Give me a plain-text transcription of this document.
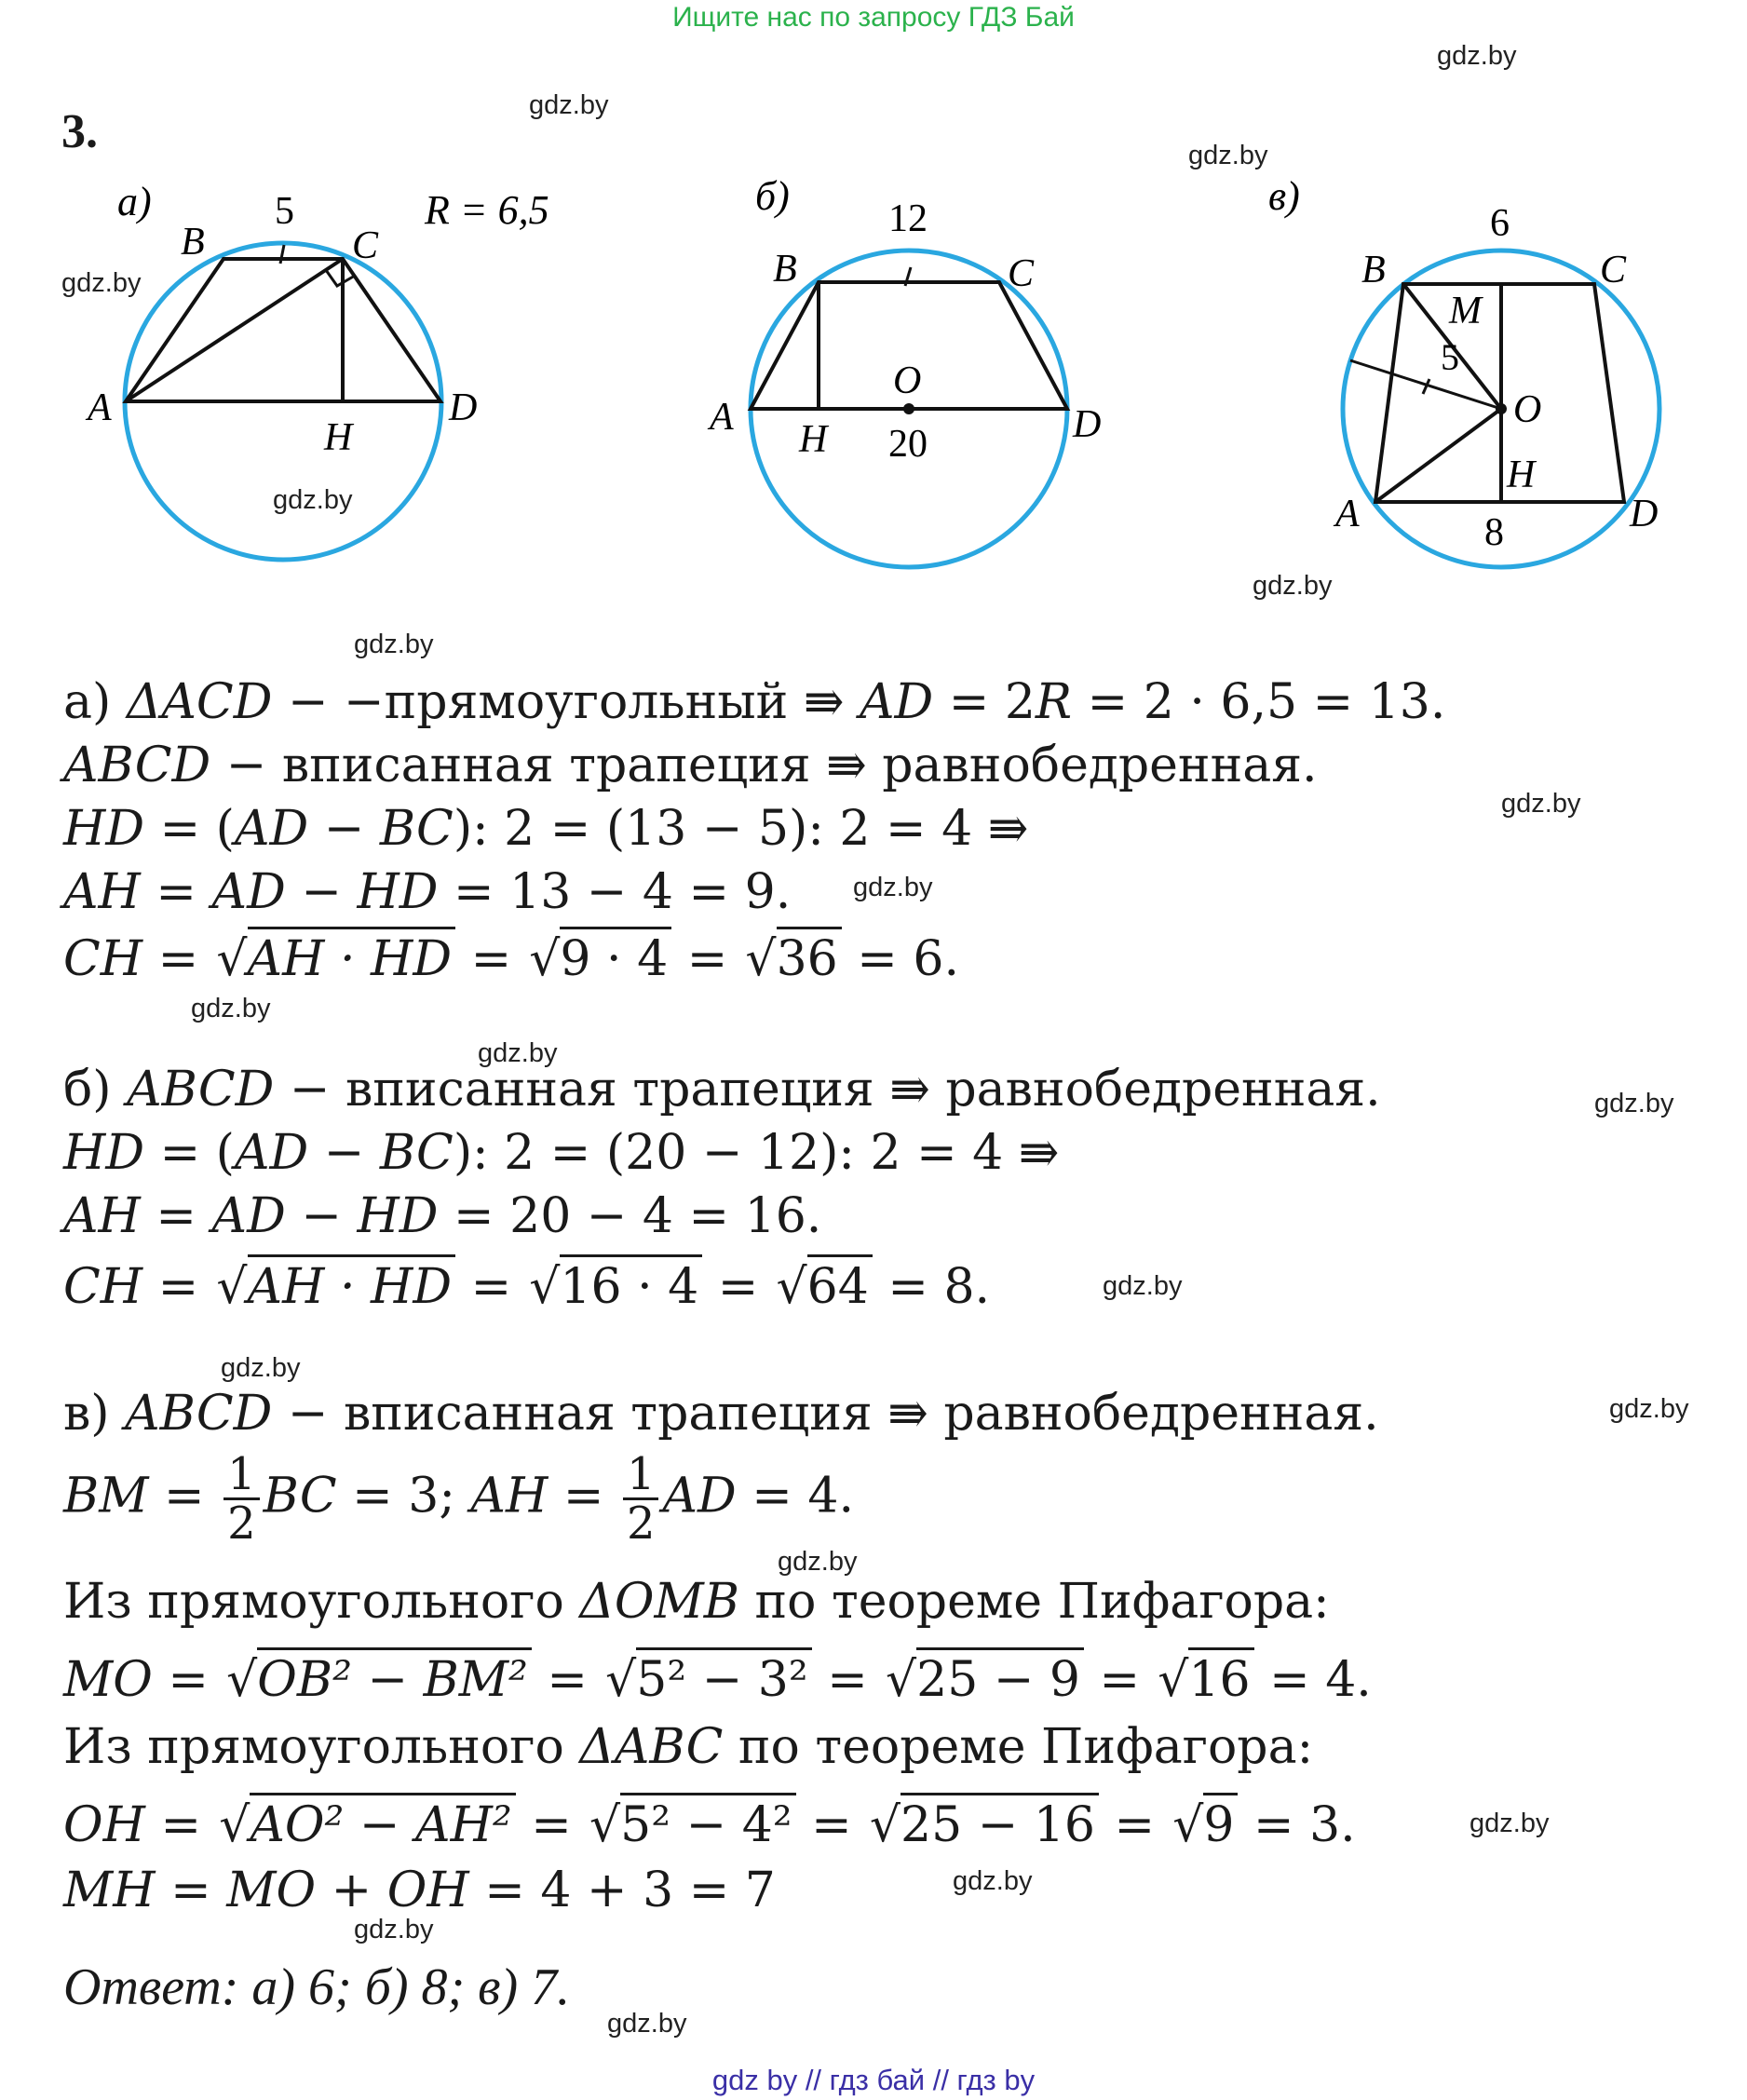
Ищите нас по запросу ГДЗ Бай
gdz.by
gdz.by
gdz.by
gdz.by
gdz.by
gdz.by
gdz.by
gdz.by
gdz.by
gdz.by
gdz.by
gdz.by
gdz.by
gdz.by
gdz.by
gdz.by
gdz.by
gdz.by
gdz.by
gdz.by
3.
а)	5	R = 6,5
B	C
A	D
H
б)	12
20
B	C
A	D
H
O
в)
6
8
5
B	C
A	D
M
O
H
а) ΔACD − −прямоугольный ⇛ AD = 2R = 2 · 6,5 = 13.
ABCD − вписанная трапеция ⇛ равнобедренная.
HD = (AD − BC): 2 = (13 − 5): 2 = 4 ⇛
AH = AD − HD = 13 − 4 = 9.
CH = √AH · HD = √9 · 4 = √36 = 6.
б) ABCD − вписанная трапеция ⇛ равнобедренная.
HD = (AD − BC): 2 = (20 − 12): 2 = 4 ⇛
AH = AD − HD = 20 − 4 = 16.
CH = √AH · HD = √16 · 4 = √64 = 8.
в) ABCD − вписанная трапеция ⇛ равнобедренная.
BM = $\frac{1}{2}$ BC = 3; AH = $\frac{1}{2}$ AD = 4.
Из прямоугольного ΔOMB по теореме Пифагора:
MO = √OB² − BM² = √5² − 3² = √25 − 9 = √16 = 4.
Из прямоугольного ΔABC по теореме Пифагора:
OH = √AO² − AH² = √5² − 4² = √25 − 16 = √9 = 3.
MH = MO + OH = 4 + 3 = 7
Ответ: а) 6; б) 8; в) 7.
gdz by // гдз бай // гдз by
